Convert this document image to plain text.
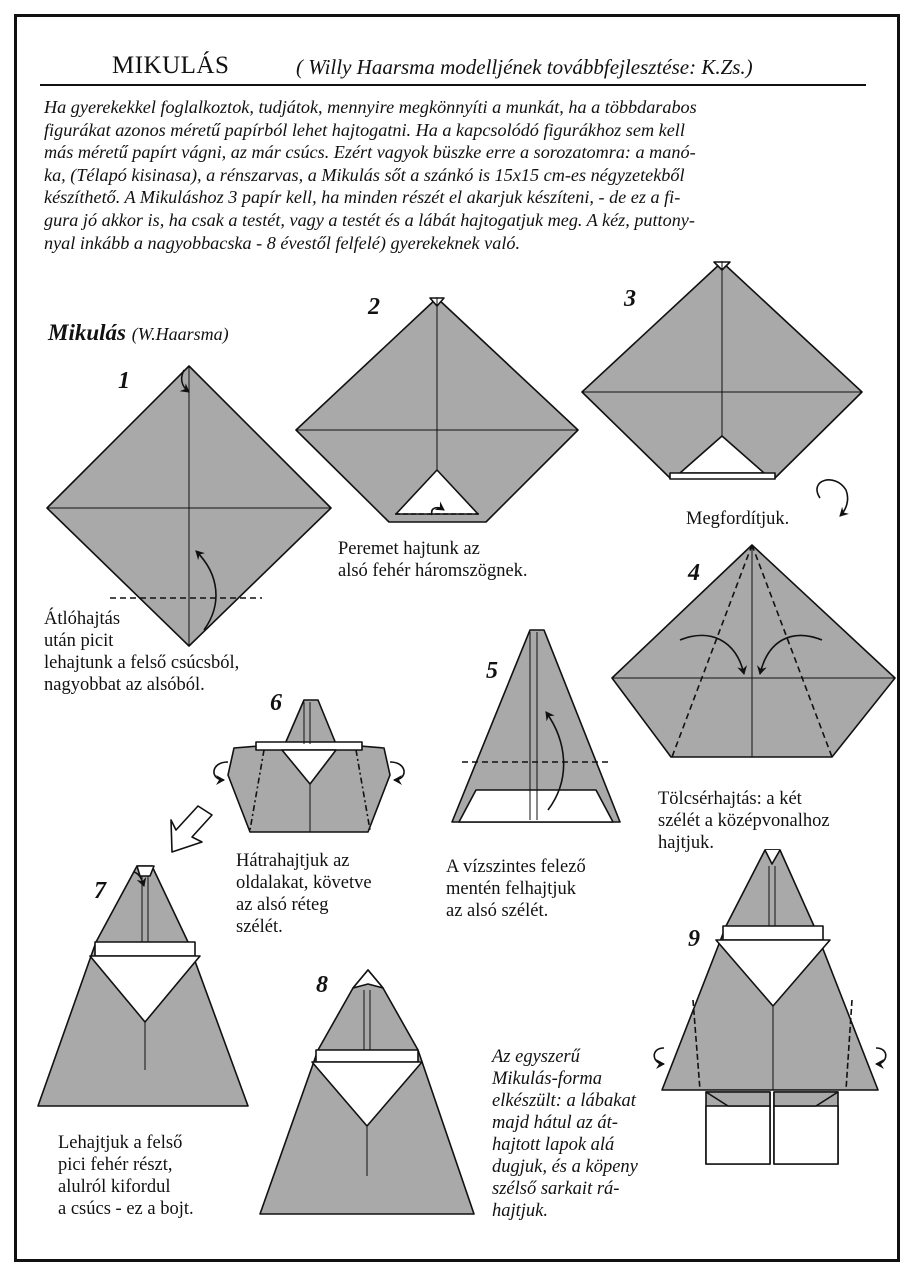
MIKULÁS	( Willy Haarsma modelljének továbbfejlesztése: K.Zs.)
Ha gyerekekkel foglalkoztok, tudjátok, mennyire megkönnyíti a munkát, ha a többdarabos
figurákat azonos méretű papírból lehet hajtogatni. Ha a kapcsolódó figurákhoz sem kell
más méretű papírt vágni, az már csúcs. Ezért vagyok büszke erre a sorozatomra: a manó-
ka, (Télapó kisinasa), a rénszarvas, a Mikulás sőt a szánkó is 15x15 cm-es négyzetekből
készíthető. A Mikuláshoz 3 papír kell, ha minden részét el akarjuk készíteni, - de ez a fi-
gura jó akkor is, ha csak a testét, vagy a testét és a lábát hajtogatjuk meg. A kéz, puttony-
nyal inkább a nagyobbacska - 8 évestől felfelé) gyerekeknek való.
Mikulás (W.Haarsma)
1
2	3
4
5
6
7
8
9
Átlóhajtás
után picit
lehajtunk a felső csúcsból,
nagyobbat az alsóból.
Peremet hajtunk az
alsó fehér háromszögnek.
Megfordítjuk.
Tölcsérhajtás: a két
szélét a középvonalhoz
hajtjuk.
A vízszintes felező
mentén felhajtjuk
az alsó szélét.
Hátrahajtjuk az
oldalakat, követve
az alsó réteg
szélét.
Lehajtjuk a felső
pici fehér részt,
alulról kifordul
a csúcs - ez a bojt.
Az egyszerű
Mikulás-forma
elkészült: a lábakat
majd hátul az át-
hajtott lapok alá
dugjuk, és a köpeny
szélső sarkait rá-
hajtjuk.
